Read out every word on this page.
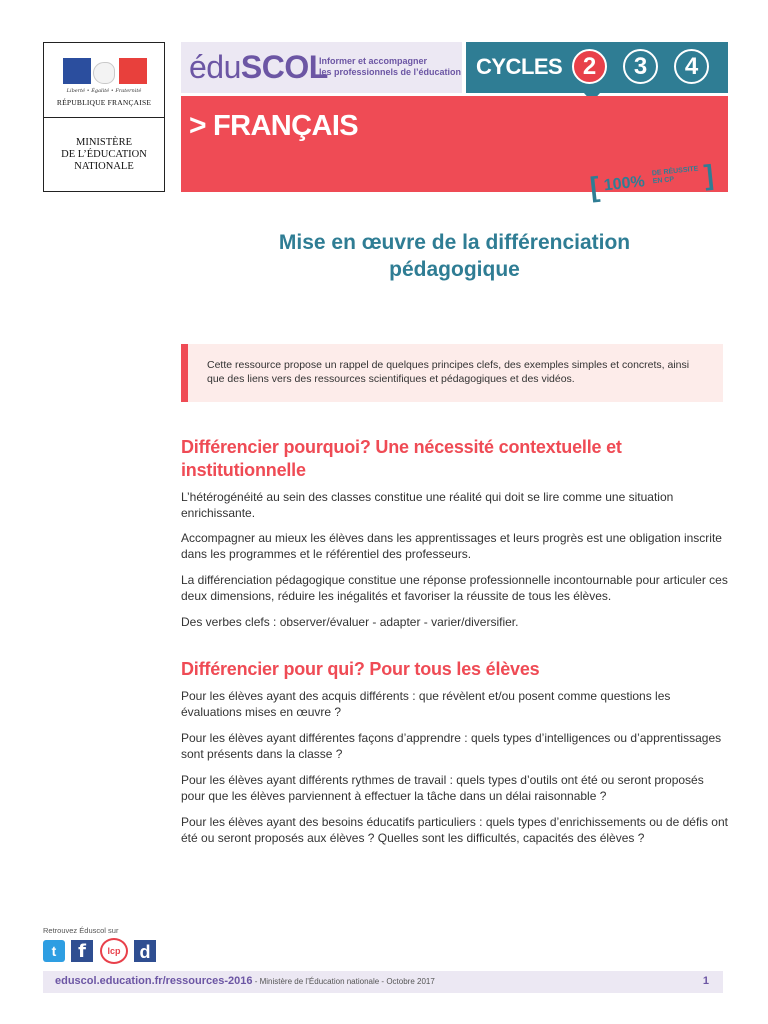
Liberté • Égalité • Fraternité
RÉPUBLIQUE FRANÇAISE
MINISTÈRE
DE L’ÉDUCATION
NATIONALE
éduSCOL
Informer et accompagner
les professionnels de l’éducation CYCLES 2	3	4
> FRANÇAIS
[ 100%
DE RÉUSSITE
EN CP	]
Mise en œuvre de la différenciation
pédagogique
Cette ressource propose un rappel de quelques principes clefs, des exemples simples et concrets, ainsi que des liens vers des ressources scientifiques et pédagogiques et des vidéos.
Différencier pourquoi? Une nécessité contextuelle et institutionnelle
L’hétérogénéité au sein des classes constitue une réalité qui doit se lire comme une situation enrichissante.
Accompagner au mieux les élèves dans les apprentissages et leurs progrès est une obligation inscrite dans les programmes et le référentiel des professeurs.
La différenciation pédagogique constitue une réponse professionnelle incontournable pour articuler ces deux dimensions, réduire les inégalités et favoriser la réussite de tous les élèves.
Des verbes clefs : observer/évaluer - adapter - varier/diversifier.
Différencier pour qui? Pour tous les élèves
Pour les élèves ayant des acquis différents : que révèlent et/ou posent comme questions les évaluations mises en œuvre ?
Pour les élèves ayant différentes façons d’apprendre : quels types d’intelligences ou d’apprentissages sont présents dans la classe ?
Pour les élèves ayant différents rythmes de travail : quels types d’outils ont été ou seront proposés pour que les élèves parviennent à effectuer la tâche dans un délai raisonnable ?
Pour les élèves ayant des besoins éducatifs particuliers : quels types d’enrichissements ou de défis ont été ou seront proposés aux élèves ? Quelles sont les difficultés, capacités des élèves ?
Retrouvez Éduscol sur
t	f	lcp	d
eduscol.education.fr/ressources-2016 - Ministère de l’Éducation nationale - Octobre 2017	1
